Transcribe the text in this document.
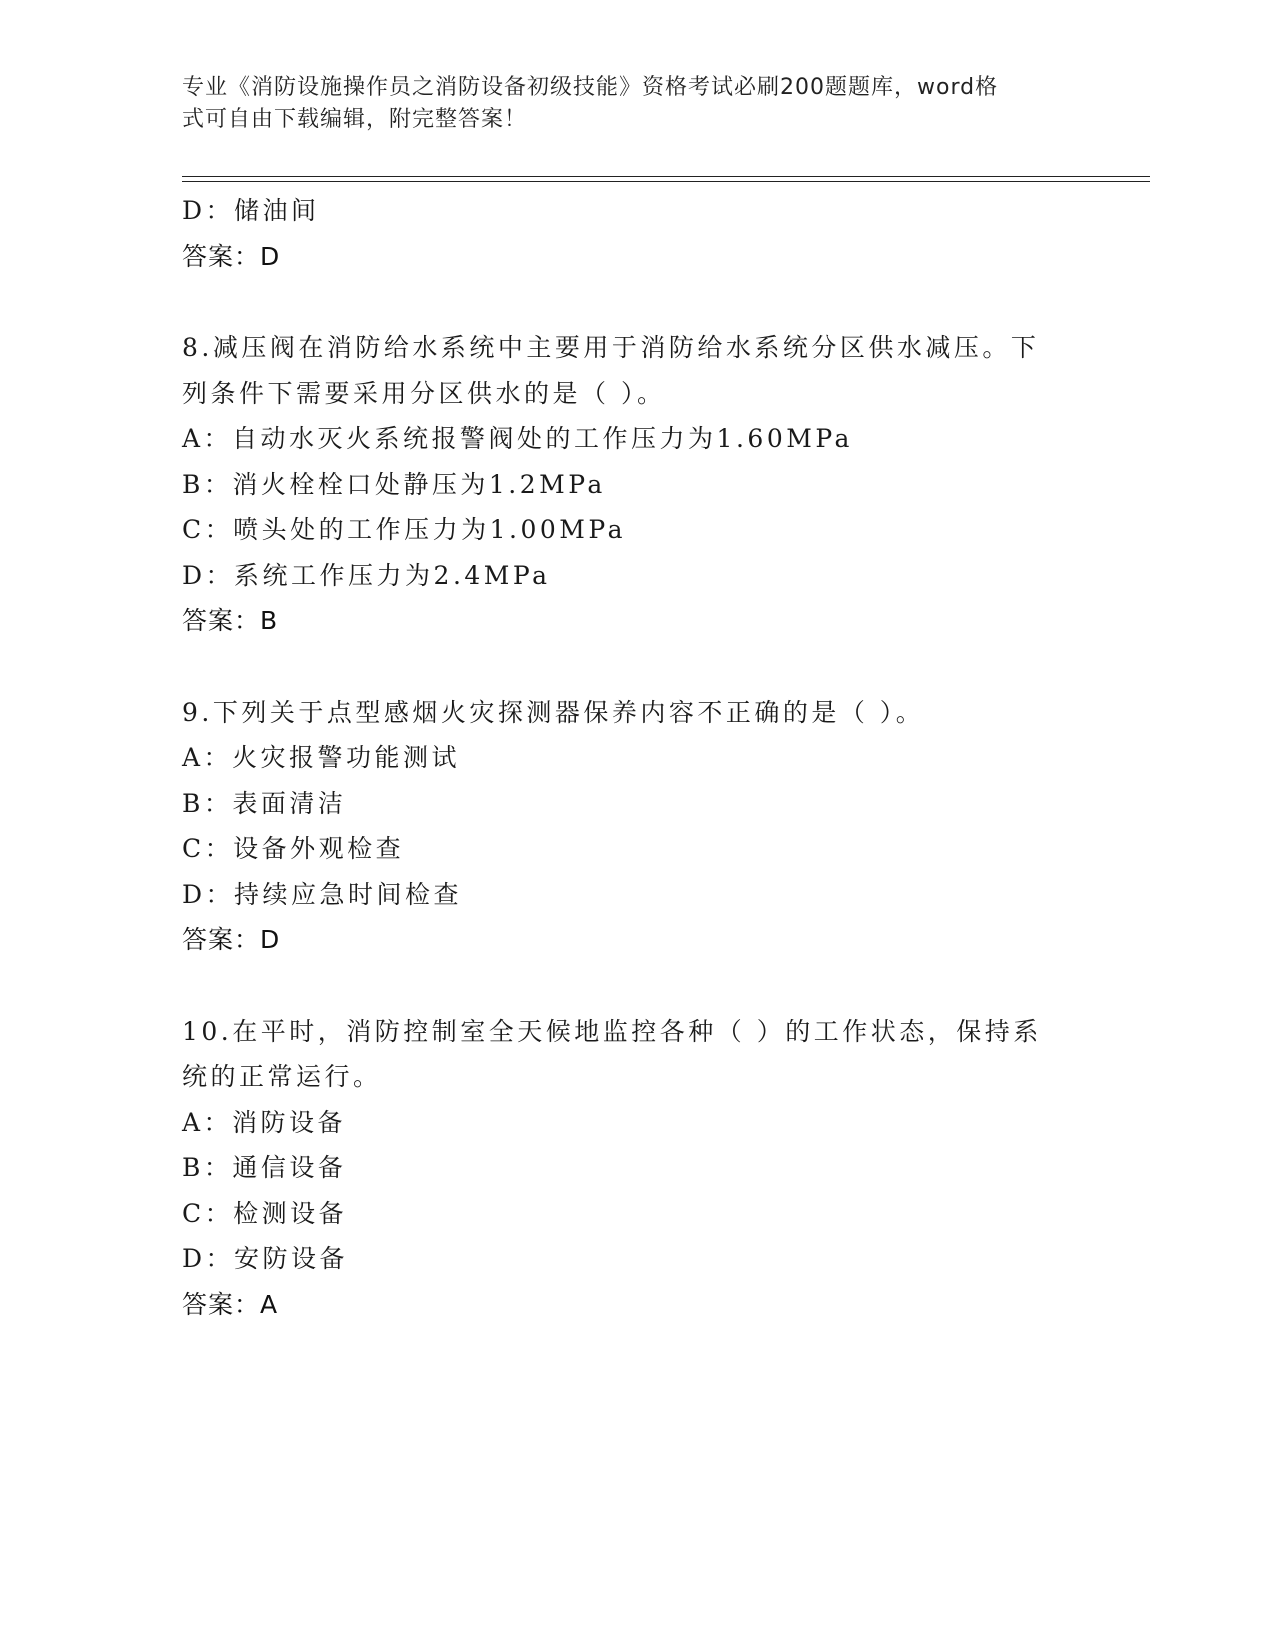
专业《消防设施操作员之消防设备初级技能》资格考试必刷200题题库，word格
式可自由下载编辑，附完整答案！
D：储油间
答案：D
8.减压阀在消防给水系统中主要用于消防给水系统分区供水减压。下
列条件下需要采用分区供水的是（ ）。
A：自动水灭火系统报警阀处的工作压力为1.60MPa
B：消火栓栓口处静压为1.2MPa
C：喷头处的工作压力为1.00MPa
D：系统工作压力为2.4MPa
答案：B
9.下列关于点型感烟火灾探测器保养内容不正确的是（ ）。
A：火灾报警功能测试
B：表面清洁
C：设备外观检查
D：持续应急时间检查
答案：D
10.在平时，消防控制室全天候地监控各种（ ）的工作状态，保持系
统的正常运行。
A：消防设备
B：通信设备
C：检测设备
D：安防设备
答案：A
